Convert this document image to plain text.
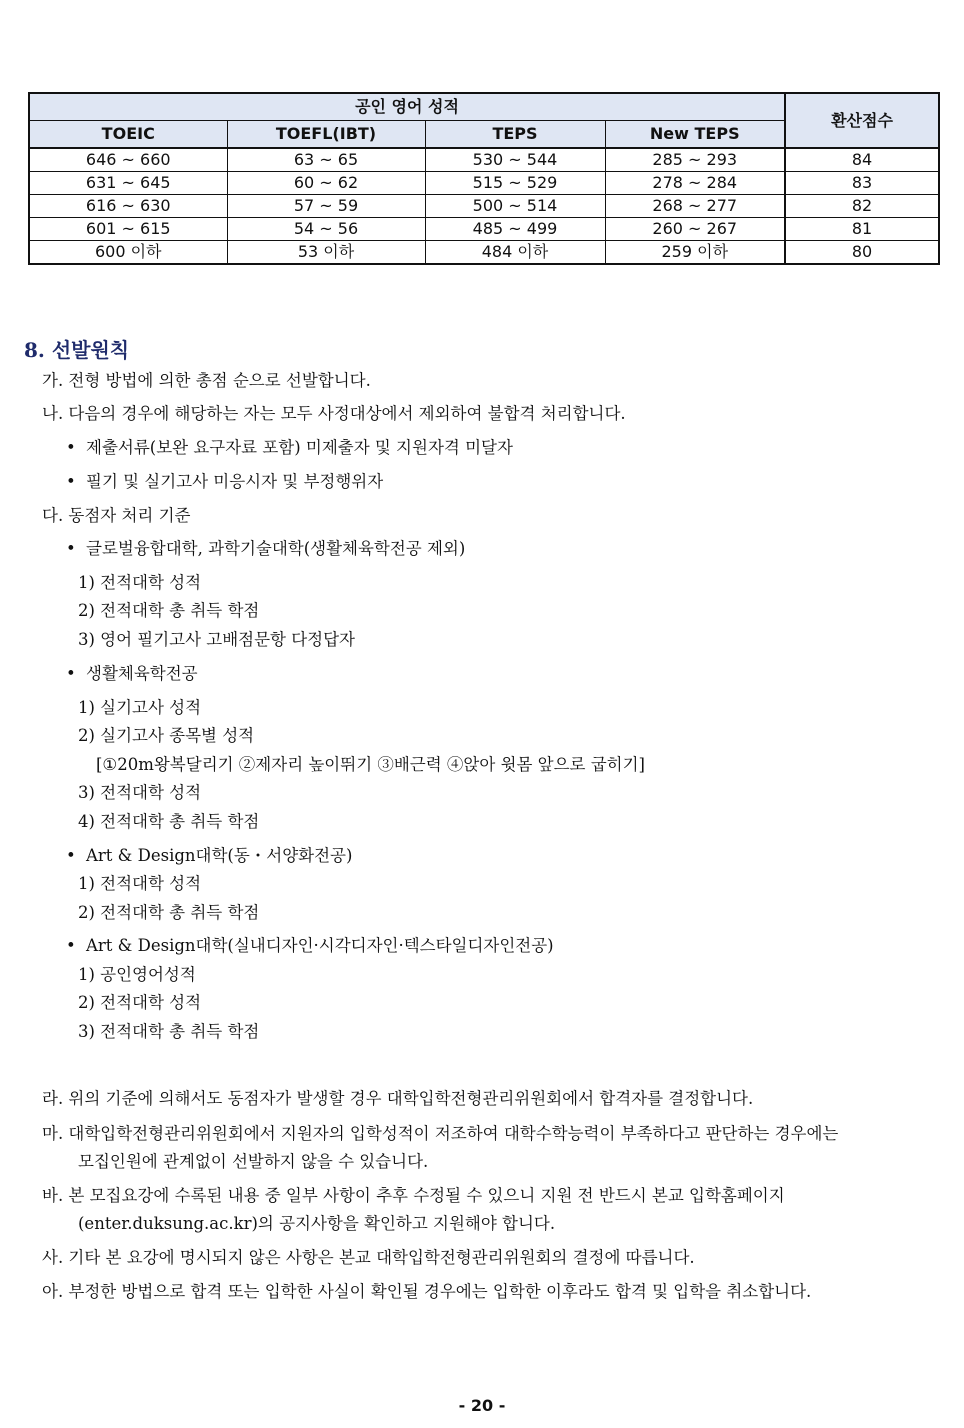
공인 영어 성적				환산점수
TOEIC	TOEFL(IBT)	TEPS	New TEPS	
646 ~ 660	63 ~ 65	530 ~ 544	285 ~ 293	84
631 ~ 645	60 ~ 62	515 ~ 529	278 ~ 284	83
616 ~ 630	57 ~ 59	500 ~ 514	268 ~ 277	82
601 ~ 615	54 ~ 56	485 ~ 499	260 ~ 267	81
600 이하	53 이하	484 이하	259 이하	80
8. 선발원칙
가. 전형 방법에 의한 총점 순으로 선발합니다.
나. 다음의 경우에 해당하는 자는 모두 사정대상에서 제외하여 불합격 처리합니다.
• 제출서류(보완 요구자료 포함) 미제출자 및 지원자격 미달자
• 필기 및 실기고사 미응시자 및 부정행위자
다. 동점자 처리 기준
• 글로벌융합대학, 과학기술대학(생활체육학전공 제외)
1) 전적대학 성적
2) 전적대학 총 취득 학점
3) 영어 필기고사 고배점문항 다정답자
• 생활체육학전공
1) 실기고사 성적
2) 실기고사 종목별 성적
[①20m왕복달리기 ②제자리 높이뛰기 ③배근력 ④앉아 윗몸 앞으로 굽히기]
3) 전적대학 성적
4) 전적대학 총 취득 학점
• Art & Design대학(동・서양화전공)
1) 전적대학 성적
2) 전적대학 총 취득 학점
• Art & Design대학(실내디자인·시각디자인·텍스타일디자인전공)
1) 공인영어성적
2) 전적대학 성적
3) 전적대학 총 취득 학점
라. 위의 기준에 의해서도 동점자가 발생할 경우 대학입학전형관리위원회에서 합격자를 결정합니다.
마. 대학입학전형관리위원회에서 지원자의 입학성적이 저조하여 대학수학능력이 부족하다고 판단하는 경우에는
모집인원에 관계없이 선발하지 않을 수 있습니다.
바. 본 모집요강에 수록된 내용 중 일부 사항이 추후 수정될 수 있으니 지원 전 반드시 본교 입학홈페이지
(enter.duksung.ac.kr)의 공지사항을 확인하고 지원해야 합니다.
사. 기타 본 요강에 명시되지 않은 사항은 본교 대학입학전형관리위원회의 결정에 따릅니다.
아. 부정한 방법으로 합격 또는 입학한 사실이 확인될 경우에는 입학한 이후라도 합격 및 입학을 취소합니다.
- 20 -
